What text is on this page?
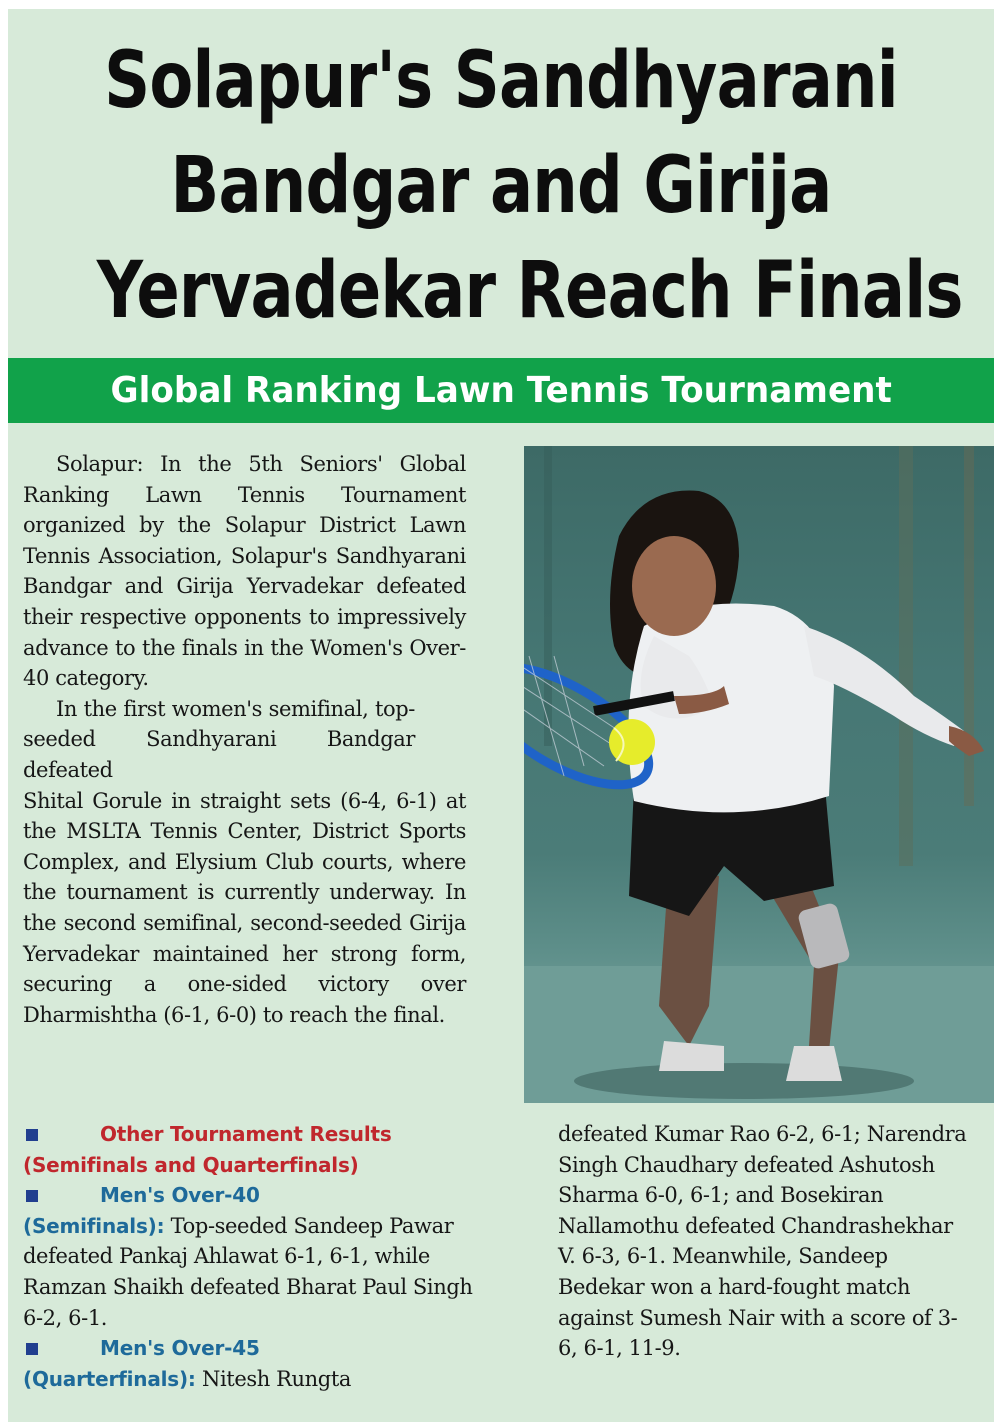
Solapur's Sandhyarani
Bandgar and Girija
Yervadekar Reach Finals
Global Ranking Lawn Tennis Tournament

Solapur: In the 5th Seniors' Global Ranking Lawn Tennis Tournament organized by the Solapur District Lawn Tennis Association, Solapur's Sandhyarani Bandgar and Girija Yervadekar defeated their respective opponents to impressively advance to the finals in the Women's Over-40 category.

In the first women's semifinal, top-seeded Sandhyarani Bandgar defeated

Shital Gorule in straight sets (6-4, 6-1) at the MSLTA Tennis Center, District Sports Complex, and Elysium Club courts, where the tournament is currently underway. In the second semifinal, second-seeded Girija Yervadekar maintained her strong form, securing a one-sided victory over Dharmishtha (6-1, 6-0) to reach the final.

Other Tournament Results
(Semifinals and Quarterfinals)

Men's Over-40
(Semifinals): Top-seeded Sandeep Pawar defeated Pankaj Ahlawat 6-1, 6-1, while Ramzan Shaikh defeated Bharat Paul Singh 6-2, 6-1.

Men's Over-45
(Quarterfinals): Nitesh Rungta

defeated Kumar Rao 6-2, 6-1; Narendra Singh Chaudhary defeated Ashutosh Sharma 6-0, 6-1; and Bosekiran Nallamothu defeated Chandrashekhar V. 6-3, 6-1. Meanwhile, Sandeep Bedekar won a hard-fought match against Sumesh Nair with a score of 3-6, 6-1, 11-9.
